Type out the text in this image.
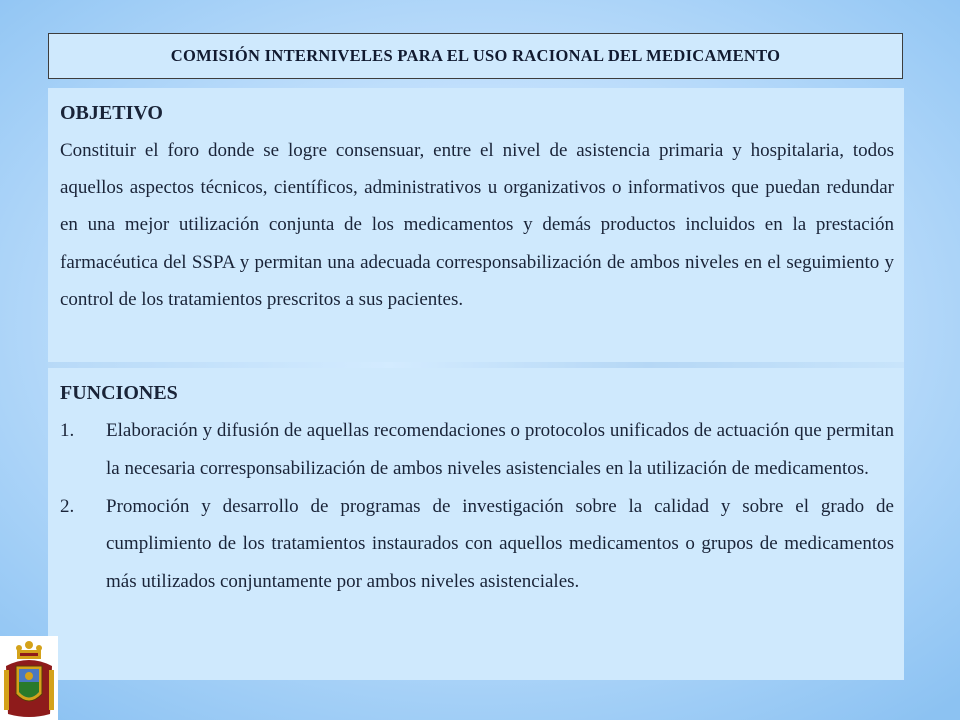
COMISIÓN INTERNIVELES PARA EL USO RACIONAL DEL MEDICAMENTO
OBJETIVO

Constituir el foro donde se logre consensuar, entre el nivel de asistencia primaria y hospitalaria, todos aquellos aspectos técnicos, científicos, administrativos u organizativos o informativos que puedan redundar en una mejor utilización conjunta de los medicamentos y demás productos incluidos en la prestación farmacéutica del SSPA y permitan una adecuada corresponsabilización de ambos niveles en el seguimiento y control de los tratamientos prescritos a sus pacientes.

FUNCIONES
1.	Elaboración y difusión de aquellas recomendaciones o protocolos unificados de actuación que permitan la necesaria corresponsabilización de ambos niveles asistenciales en la utilización de medicamentos.
2.	Promoción y desarrollo de programas de investigación sobre la calidad y sobre el grado de cumplimiento de los tratamientos instaurados con aquellos medicamentos o grupos de medicamentos más utilizados conjuntamente por ambos niveles asistenciales.
